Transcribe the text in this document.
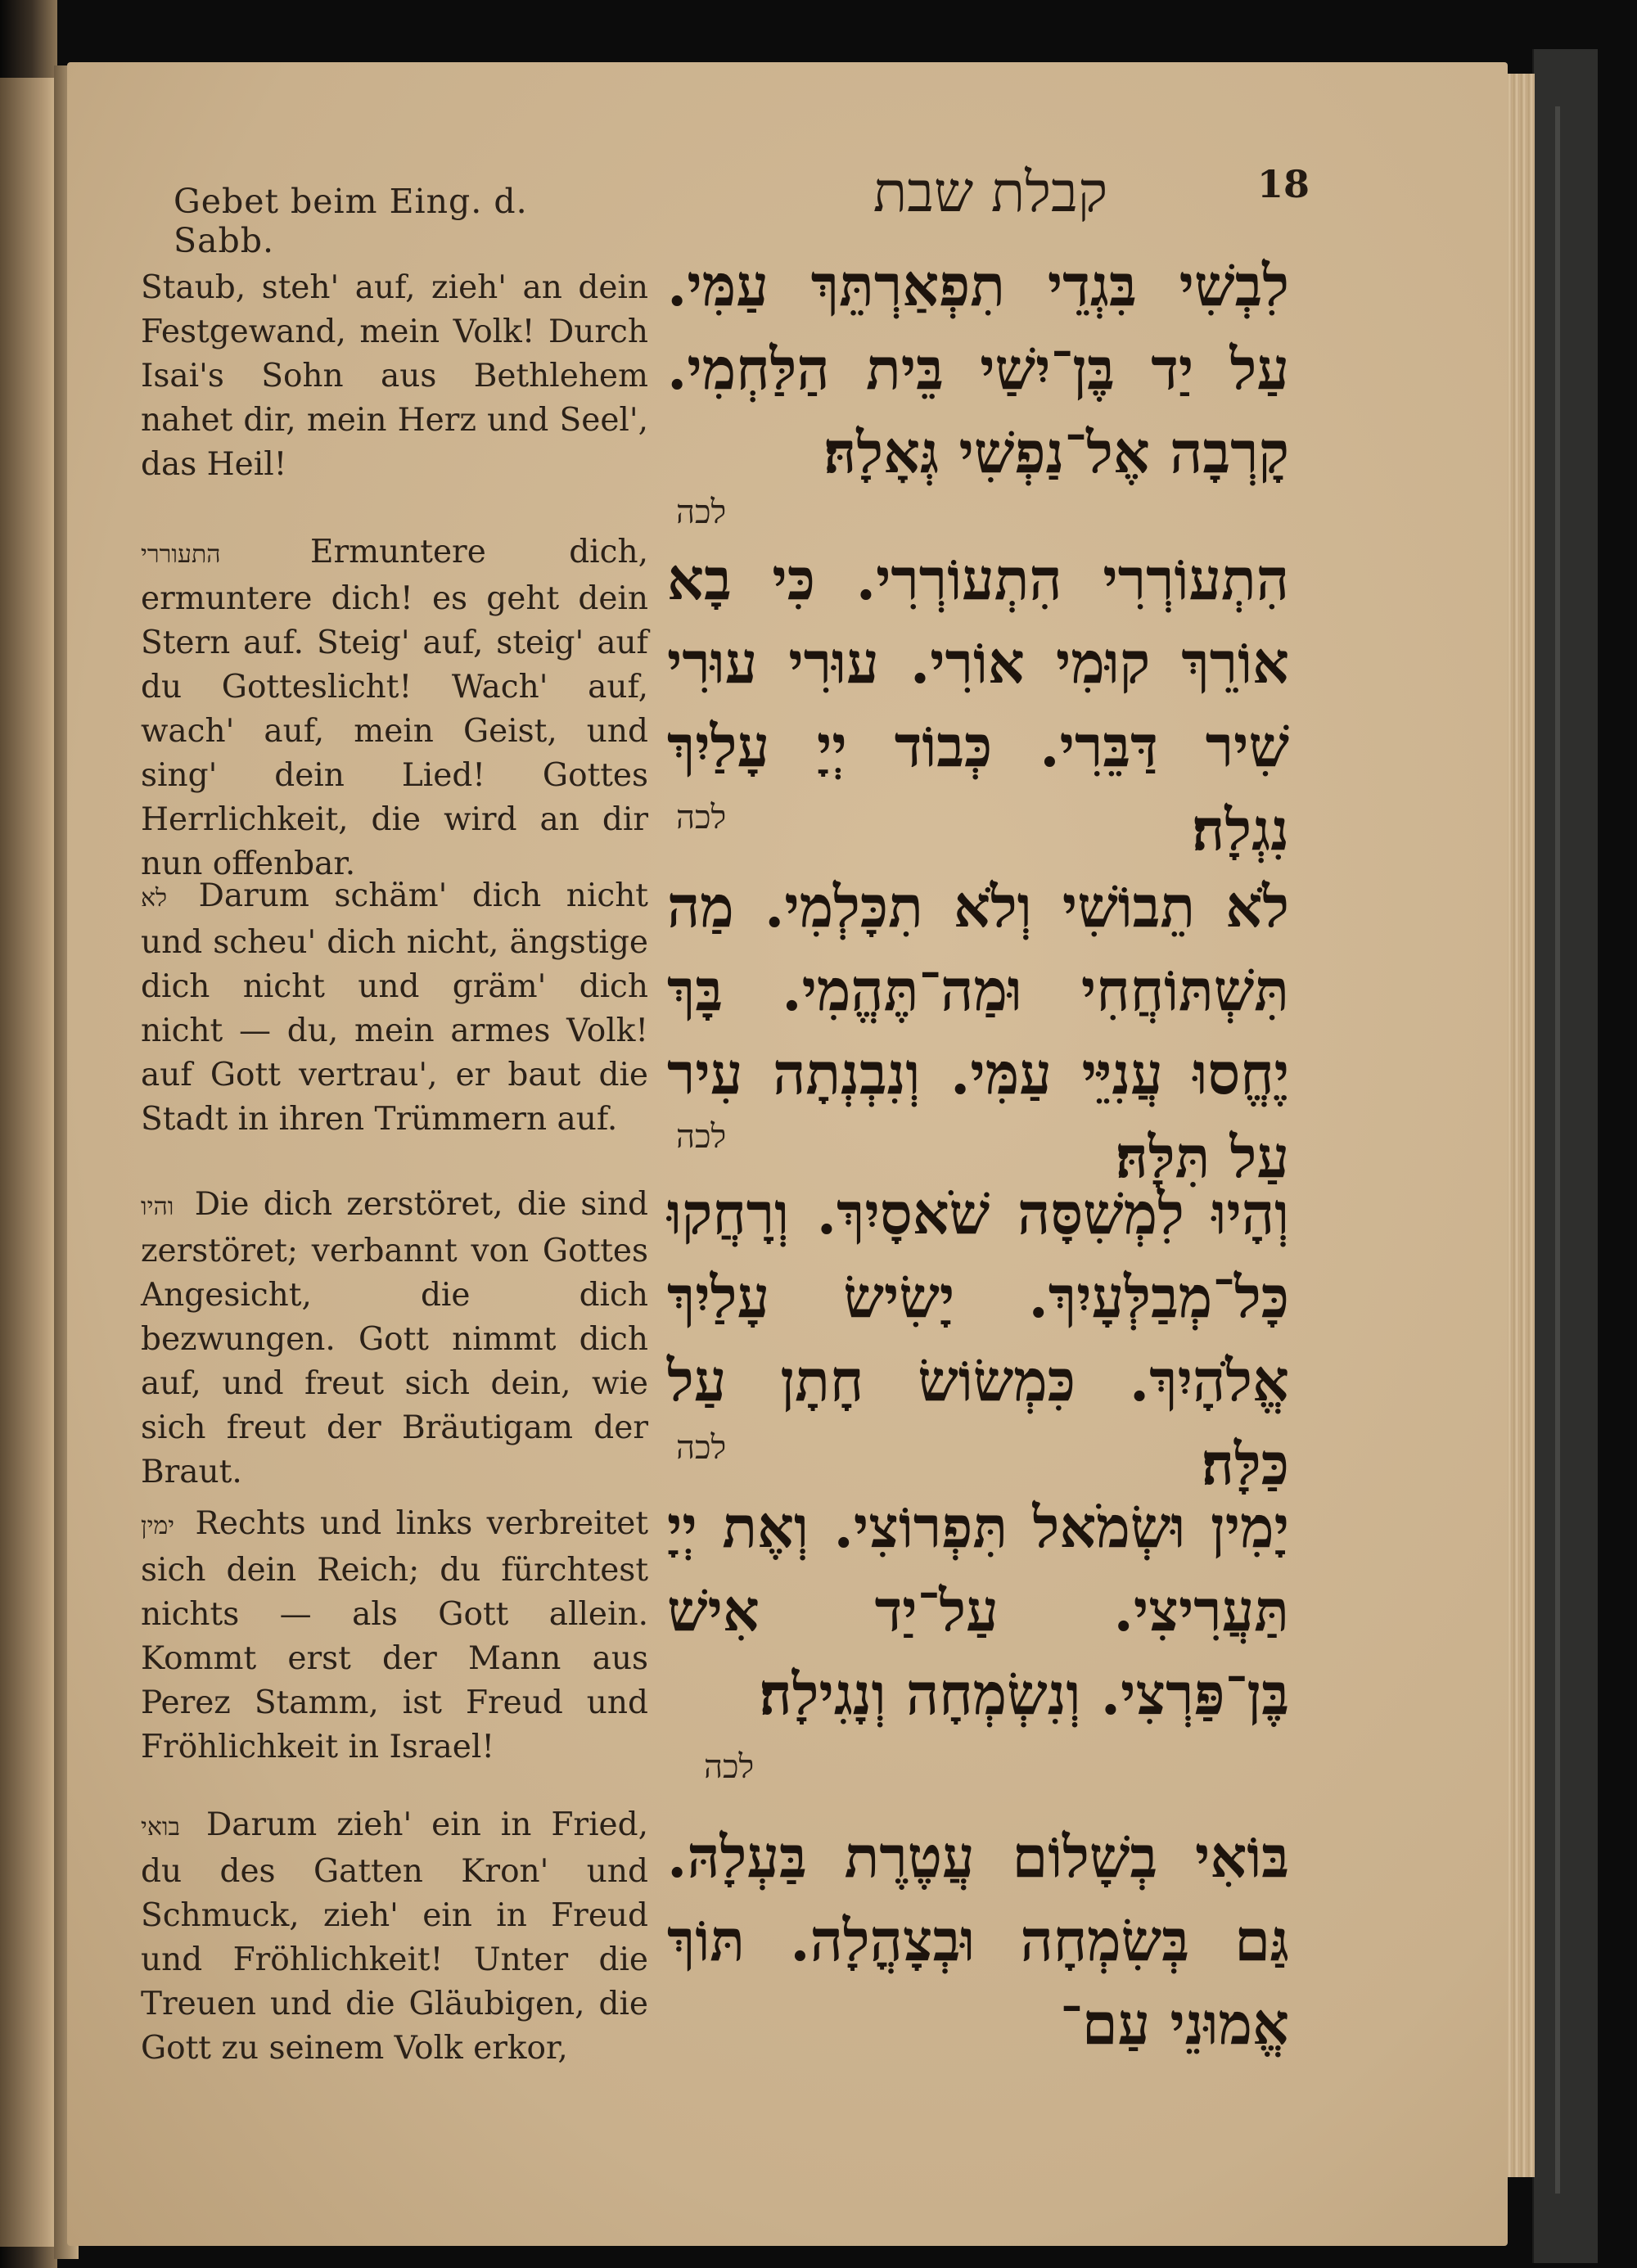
Gebet beim Eing. d. Sabb.
קבלת שבת	18
Staub, steh' auf, zieh' an dein Festgewand, mein Volk! Durch Isai's Sohn aus Bethlehem nahet dir, mein Herz und Seel', das Heil!
התעוררי	Ermuntere dich, ermuntere dich! es geht dein Stern auf. Steig' auf, steig' auf du Gotteslicht! Wach' auf, wach' auf, mein Geist, und sing' dein Lied! Gottes Herrlichkeit, die wird an dir nun offenbar.
לא Darum schäm' dich nicht und scheu' dich nicht, ängstige dich nicht und gräm' dich nicht — du, mein armes Volk! auf Gott vertrau', er baut die Stadt in ihren Trümmern auf.
והיו Die dich zerstöret, die sind zerstöret; verbannt von Gottes Angesicht, die dich bezwungen. Gott nimmt dich auf, und freut sich dein, wie sich freut der Bräutigam der Braut.
ימין Rechts und links verbreitet sich dein Reich; du fürchtest nichts — als Gott allein. Kommt erst der Mann aus Perez Stamm, ist Freud und Fröhlichkeit in Israel!
בואי Darum zieh' ein in Fried, du des Gatten Kron' und Schmuck, zieh' ein in Freud und Fröhlichkeit! Unter die Treuen und die Gläubigen, die Gott zu seinem Volk erkor,
לִבְשִׁי בִּגְדֵי תִפְאַרְתֵּךְ עַמִּי. עַל יַד בֶּן־יִשַׁי בֵּית הַלַּחְמִי. קָרְבָה אֶל־נַפְשִׁי גְּאָלָהּ׃
לכה
הִתְעוֹרְרִי הִתְעוֹרְרִי. כִּי בָא אוֹרֵךְ קוּמִי אוֹרִי. עוּרִי עוּרִי שִׁיר דַּבֵּרִי. כְּבוֹד יְיָ עָלַיִךְ נִגְלָה׃
לכה
לֹא תֵבוֹשִׁי וְלֹא תִכָּלְמִי. מַה תִּשְׁתּוֹחֲחִי וּמַה־תֶּהֱמִי. בָּךְ יֶחֱסוּ עֲנִיֵּי עַמִּי. וְנִבְנְתָה עִיר עַל תִּלָּהּ׃
לכה
וְהָיוּ לִמְשִׁסָּה שֹׁאסָיִךְ. וְרָחֲקוּ כָּל־מְבַלְּעָיִךְ. יָשִׂישׂ עָלַיִךְ אֱלֹהָיִךְ. כִּמְשׂוֹשׂ חָתָן עַל כַּלָּה׃
לכה
יָמִין וּשְׂמֹאל תִּפְרוֹצִי. וְאֶת יְיָ תַּעֲרִיצִי. עַל־יַד אִישׁ בֶּן־פַּרְצִי. וְנִשְׂמְחָה וְנָגִילָה׃
לכה
בּוֹאִי בְשָׁלוֹם עֲטֶרֶת בַּעְלָהּ. גַּם בְּשִׂמְחָה וּבְצָהֳלָה. תּוֹךְ אֱמוּנֵי עַם־
